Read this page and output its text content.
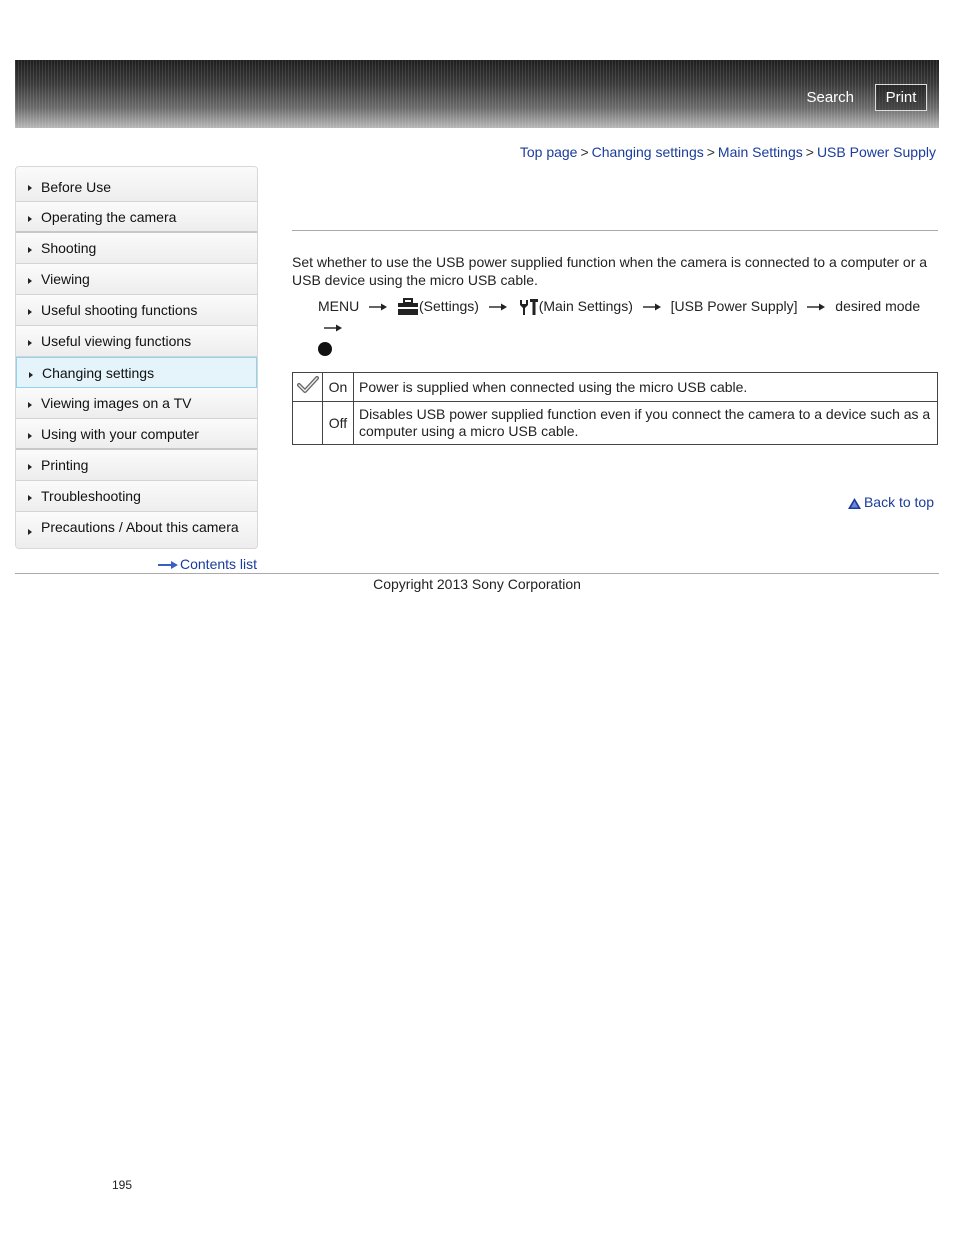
Search	Print
Top page > Changing settings > Main Settings > USB Power Supply
Before Use
Operating the camera
Shooting
Viewing
Useful shooting functions
Useful viewing functions
Changing settings
Viewing images on a TV
Using with your computer
Printing
Troubleshooting
Precautions / About this camera
Contents list

Set whether to use the USB power supplied function when the camera is connected to a computer or a USB device using the micro USB cable.

MENU	(Settings)	(Main Settings)	[USB Power Supply]	desired mode
	On	Power is supplied when connected using the micro USB cable.
	Off	Disables USB power supplied function even if you connect the camera to a device such as a computer using a micro USB cable.
Back to top
Copyright 2013 Sony Corporation
195
